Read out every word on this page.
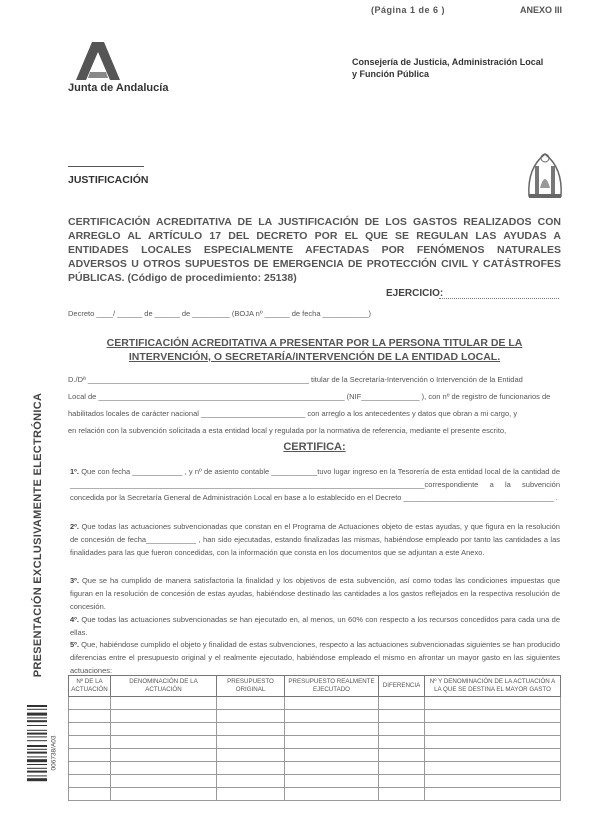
(Página 1 de 6 )	ANEXO III
Junta de Andalucía
Consejería de Justicia, Administración Local
y Función Pública
JUSTIFICACIÓN
CERTIFICACIÓN ACREDITATIVA DE LA JUSTIFICACIÓN DE LOS GASTOS REALIZADOS CON ARREGLO AL ARTÍCULO 17 DEL DECRETO POR EL QUE SE REGULAN LAS AYUDAS A ENTIDADES LOCALES ESPECIALMENTE AFECTADAS POR FENÓMENOS NATURALES ADVERSOS U OTROS SUPUESTOS DE EMERGENCIA DE PROTECCIÓN CIVIL Y CATÁSTROFES PÚBLICAS. (Código de procedimiento: 25138)
EJERCICIO:
Decreto ____/ ______ de ______ de _________ (BOJA nº ______ de fecha ___________)
CERTIFICACIÓN ACREDITATIVA A PRESENTAR POR LA PERSONA TITULAR DE LA INTERVENCIÓN, O SECRETARÍA/INTERVENCIÓN DE LA ENTIDAD LOCAL.
D./Dª _____________________________________________________ titular de la Secretaría-Intervención o Intervención de la Entidad
Local de ___________________________________________________________ (NIF______________ ), con nº de registro de funcionarios de
habilitados locales de carácter nacional _________________________ con arreglo a los antecedentes y datos que obran a mi cargo, y
en relación con la subvención solicitada a esta entidad local y regulada por la normativa de referencia, mediante el presente escrito,
CERTIFICA:
1º. Que con fecha ____________ , y nº de asiento contable ___________tuvo lugar ingreso en la Tesorería de esta entidad local de la cantidad de _____________________________________________________________________________________correspondiente a la subvención concedida por la Secretaría General de Administración Local en base a lo establecido en el Decreto ____________________________________ .
2º. Que todas las actuaciones subvencionadas que constan en el Programa de Actuaciones objeto de estas ayudas, y que figura en la resolución de concesión de fecha____________ , han sido ejecutadas, estando finalizadas las mismas, habiéndose empleado por tanto las cantidades a las finalidades para las que fueron concedidas, con la información que consta en los documentos que se adjuntan a este Anexo.
3º. Que se ha cumplido de manera satisfactoria la finalidad y los objetivos de esta subvención, así como todas las condiciones impuestas que figuran en la resolución de concesión de estas ayudas, habiéndose destinado las cantidades a los gastos reflejados en la respectiva resolución de concesión.
4º. Que todas las actuaciones subvencionadas se han ejecutado en, al menos, un 60% con respecto a los recursos concedidos para cada una de ellas.
5º. Que, habiéndose cumplido el objeto y finalidad de estas subvenciones, respecto a las actuaciones subvencionadas siguientes se han producido diferencias entre el presupuesto original y el realmente ejecutado, habiéndose empleado el mismo en afrontar un mayor gasto en las siguientes actuaciones:
Nº DE LA ACTUACIÓN	DENOMINACIÓN DE LA ACTUACIÓN	PRESUPUESTO ORIGINAL	PRESUPUESTO REALMENTE EJECUTADO	DIFERENCIA	Nº Y DENOMINACIÓN DE LA ACTUACIÓN A LA QUE SE DESTINA EL MAYOR GASTO

PRESENTACIÓN EXCLUSIVAMENTE ELECTRÓNICA
006738/A03
